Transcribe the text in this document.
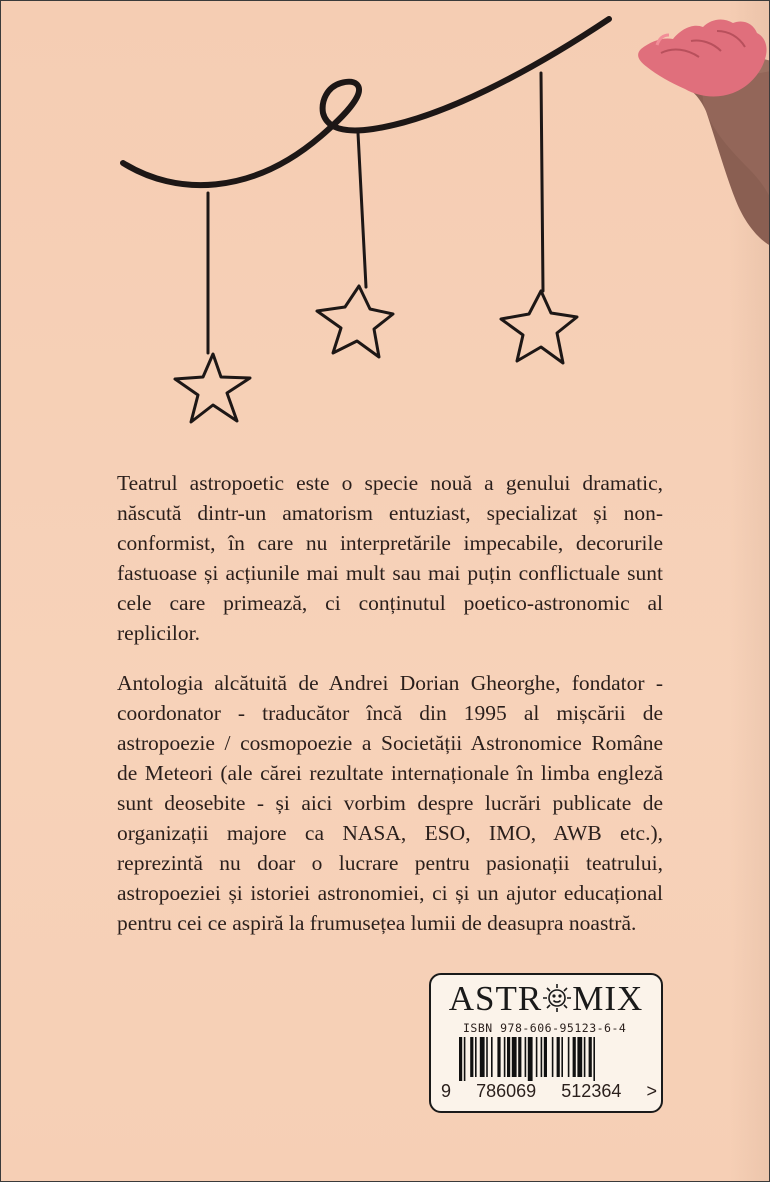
Teatrul astropoetic este o specie nouă a genului dramatic, născută dintr-un amatorism entuziast, specializat și non-conformist, în care nu interpretările impecabile, decorurile fastuoase și acțiunile mai mult sau mai puțin conflictuale sunt cele care primează, ci conținutul poetico-astronomic al replicilor.
Antologia alcătuită de Andrei Dorian Gheorghe, fondator - coordonator - traducător încă din 1995 al mișcării de astropoezie / cosmopoezie a Societății Astronomice Române de Meteori (ale cărei rezultate internaționale în limba engleză sunt deosebite - și aici vorbim despre lucrări publicate de organizații majore ca NASA, ESO, IMO, AWB etc.), reprezintă nu doar o lucrare pentru pasionații teatrului, astropoeziei și istoriei astronomiei, ci și un ajutor educațional pentru cei ce aspiră la frumusețea lumii de deasupra noastră.
ASTR MIX
ISBN 978-606-95123-6-4
9 786069 512364 >
